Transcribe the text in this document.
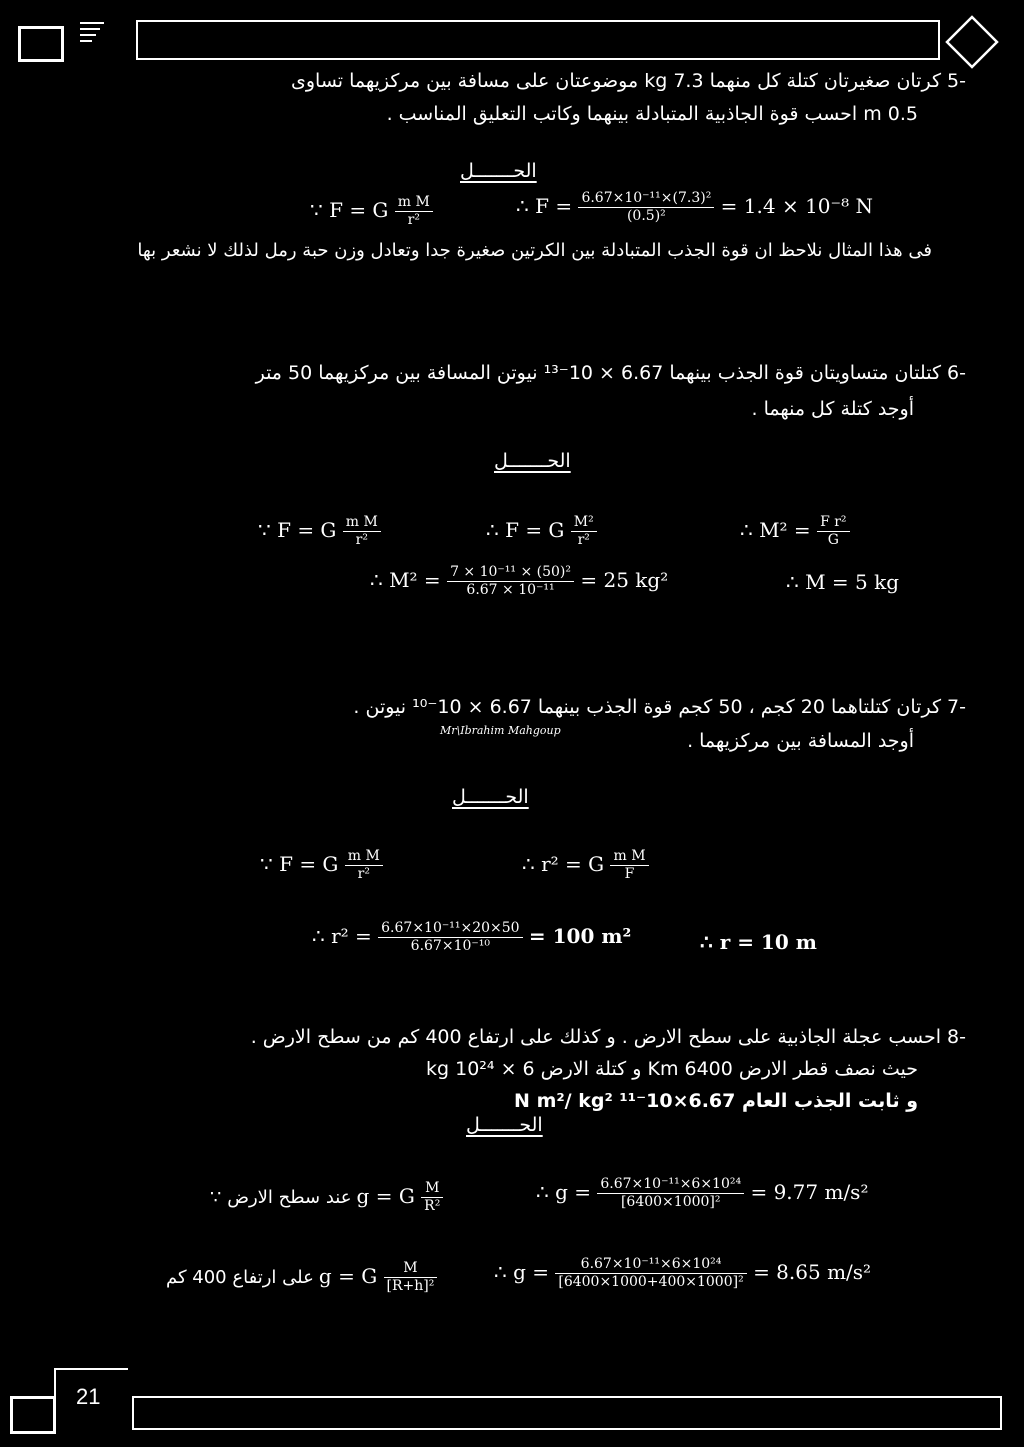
-5 كرتان صغيرتان كتلة كل منهما 7.3 kg موضوعتان على مسافة بين مركزيهما تساوى
0.5 m احسب قوة الجاذبية المتبادلة بينهما وكاتب التعليق المناسب .
الحـــــــل
∵ F = G $\frac{\text{m M}}{\text{r²}}$	∴ $F = \frac{\text{6.67×10⁻¹¹×(7.3)²}}{\text{(0.5)²}} = 1.4 \times 10^{-8}$ N
فى هذا المثال نلاحظ ان قوة الجذب المتبادلة بين الكرتين صغيرة جدا وتعادل وزن حبة رمل لذلك لا نشعر بها
-6 كتلتان متساويتان قوة الجذب بينهما 6.67 × 10⁻¹³ نيوتن المسافة بين مركزيهما 50 متر
أوجد كتلة كل منهما .
الحـــــــل
∵ F = G $\frac{\text{m M}}{\text{r²}}$	∴ F = G $\frac{\text{M²}}{\text{r²}}$	∴ $M^2 = \frac{\text{F r²}}{G}$
∴ $M^2 = \frac{\text{7 × 10⁻¹¹ × (50)²}}{\text{6.67 × 10⁻¹¹}} = 25$ kg²	∴ M = 5 kg
-7 كرتان كتلتاهما 20 كجم ، 50 كجم قوة الجذب بينهما 6.67 × 10⁻¹⁰ نيوتن .
Mr\Ibrahim Mahgoup	أوجد المسافة بين مركزيهما .
الحـــــــل
∵ F = G $\frac{\text{m M}}{\text{r²}}$	∴ r² = G $\frac{\text{m M}}{F}$
∴ $r^2 = \frac{\text{6.67×10⁻¹¹×20×50}}{\text{6.67×10⁻¹⁰}} = 100$ m²	∴ r = 10 m
-8 احسب عجلة الجاذبية على سطح الارض . و كذلك على ارتفاع 400 كم من سطح الارض .
حيث نصف قطر الارض 6400 Km و كتلة الارض 6 × 10²⁴ kg
و ثابت الجذب العام 6.67×10⁻¹¹ N m²/ kg²
الحـــــــل
∵ عند سطح الارض g = G $\frac{M}{\text{R²}}$	∴ $g = \frac{\text{6.67×10⁻¹¹×6×10²⁴}}{\text{[6400×1000]²}} = 9.77$ m/s²
على ارتفاع 400 كم g = G $\frac{M}{\text{[R+h]²}}$	∴ $g = \frac{\text{6.67×10⁻¹¹×6×10²⁴}}{\text{[6400×1000+400×1000]²}} = 8.65$ m/s²
21
